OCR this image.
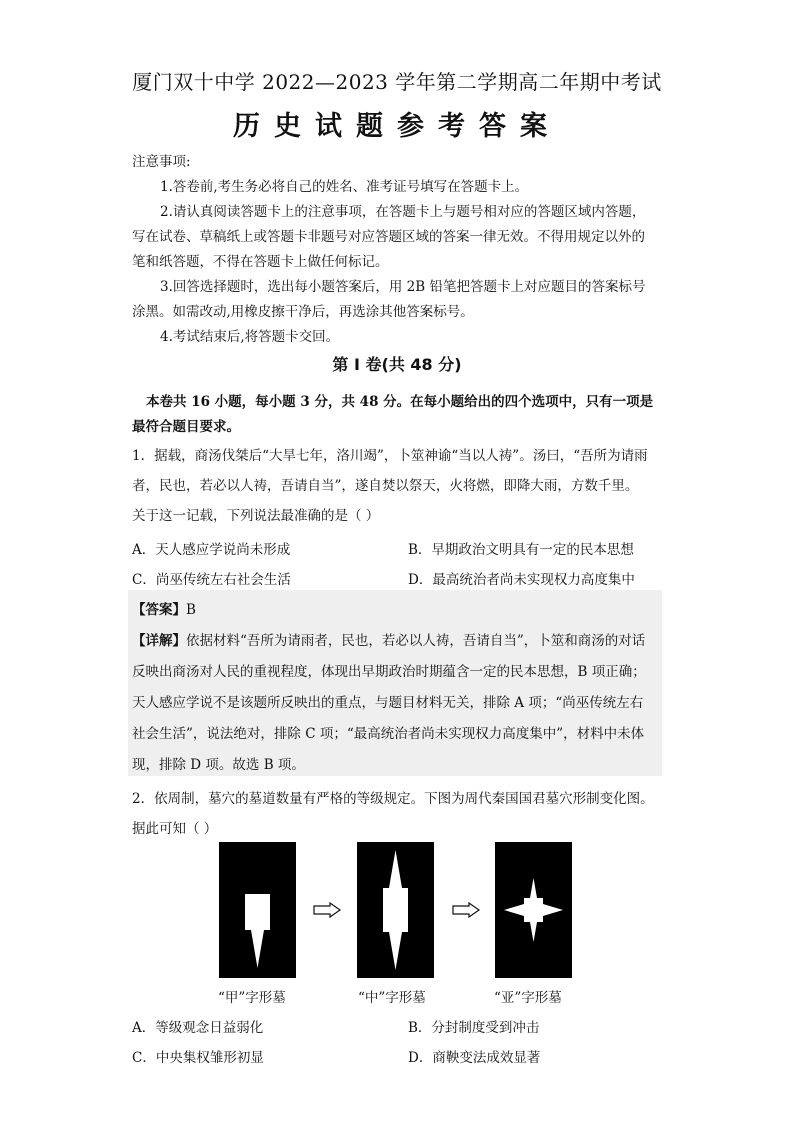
厦门双十中学 2022—2023 学年第二学期高二年期中考试
历史试题参考答案
注意事项:
1.答卷前,考生务必将自己的姓名、准考证号填写在答题卡上。
2.请认真阅读答题卡上的注意事项，在答题卡上与题号相对应的答题区域内答题，
写在试卷、草稿纸上或答题卡非题号对应答题区域的答案一律无效。不得用规定以外的
笔和纸答题，不得在答题卡上做任何标记。
3.回答选择题时，选出每小题答案后，用 2B 铅笔把答题卡上对应题目的答案标号
涂黑。如需改动,用橡皮擦干净后，再选涂其他答案标号。
4.考试结束后,将答题卡交回。
第 I 卷(共 48 分)
本卷共 16 小题，每小题 3 分，共 48 分。在每小题给出的四个选项中，只有一项是
最符合题目要求。
1．据载，商汤伐桀后“大旱七年，洛川竭”，卜筮神谕“当以人祷”。汤曰，“吾所为请雨
者，民也，若必以人祷，吾请自当”，遂自焚以祭天，火将燃，即降大雨，方数千里。
关于这一记载，下列说法最准确的是（ ）
A．天人感应学说尚未形成	B．早期政治文明具有一定的民本思想
C．尚巫传统左右社会生活	D．最高统治者尚未实现权力高度集中
【答案】B
【详解】依据材料“吾所为请雨者，民也，若必以人祷，吾请自当”，卜筮和商汤的对话
反映出商汤对人民的重视程度，体现出早期政治时期蕴含一定的民本思想，B 项正确；
天人感应学说不是该题所反映出的重点，与题目材料无关，排除 A 项；“尚巫传统左右
社会生活”，说法绝对，排除 C 项；“最高统治者尚未实现权力高度集中”，材料中未体
现，排除 D 项。故选 B 项。
2．依周制，墓穴的墓道数量有严格的等级规定。下图为周代秦国国君墓穴形制变化图。
据此可知（ ）
“甲”字形墓	“中”字形墓	“亚”字形墓
A．等级观念日益弱化	B．分封制度受到冲击
C．中央集权雏形初显	D．商鞅变法成效显著
